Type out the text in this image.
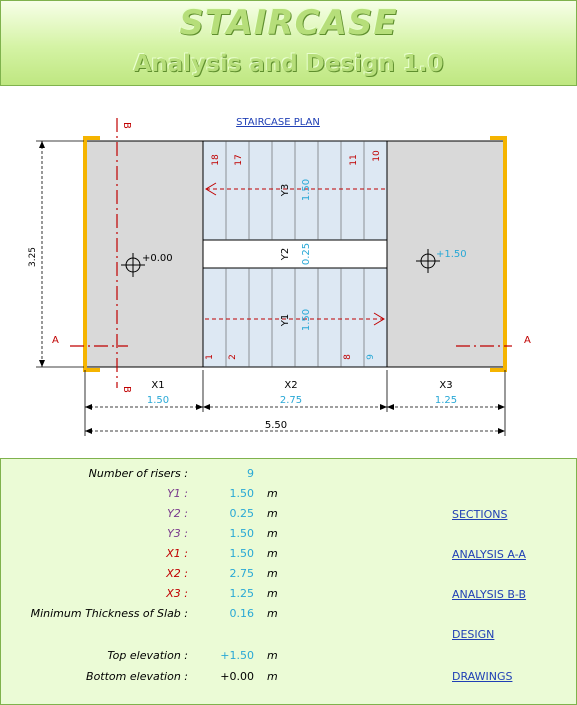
STAIRCASE
Analysis and Design 1.0
STAIRCASE PLAN
18 17	11 10
1 2	8 9
Y3 1.50
Y2 0.25
Y1 1.50
+0.00	+1.50
B
B
A	A
3.25
X1
1.50
X2
2.75
X3
1.25
5.50
Number of risers :	9
Y1 :	1.50 m
Y2 :	0.25 m
Y3 :	1.50 m
X1 :	1.50 m
X2 :	2.75 m
X3 :	1.25 m
Minimum Thickness of Slab :	0.16 m
Top elevation :	+1.50 m
Bottom elevation :	+0.00 m
SECTIONS
ANALYSIS A-A
ANALYSIS B-B
DESIGN
DRAWINGS
